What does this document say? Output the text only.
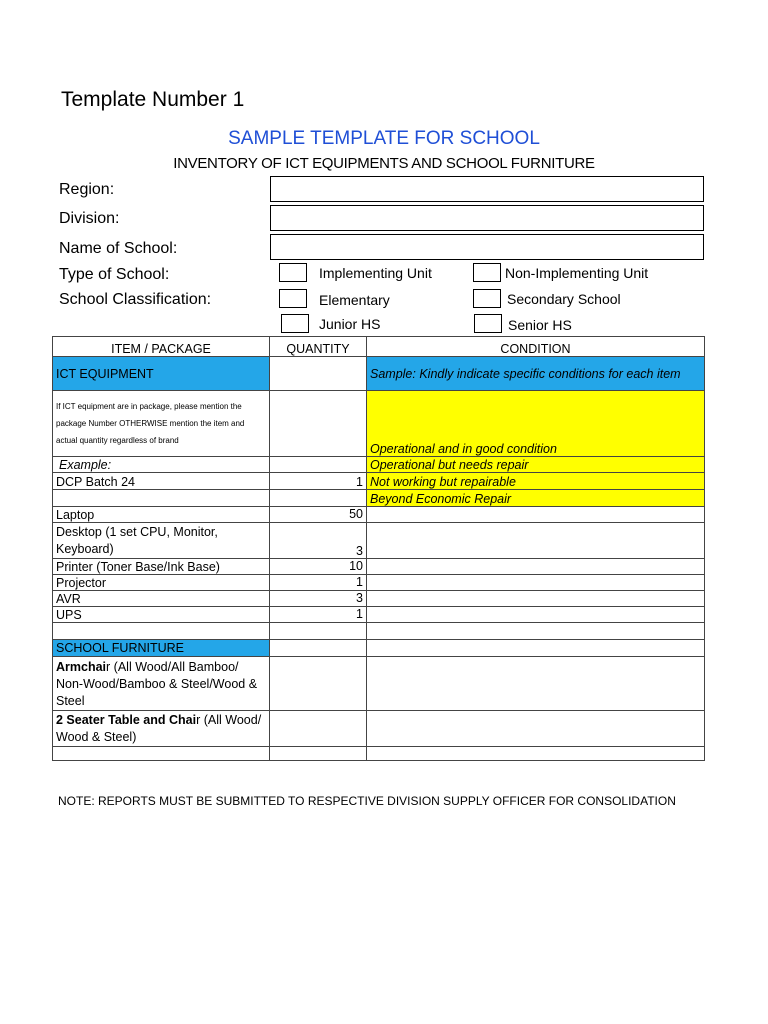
Template Number 1
SAMPLE TEMPLATE FOR SCHOOL
INVENTORY OF ICT EQUIPMENTS AND SCHOOL FURNITURE
Region:
Division:
Name of School:
Type of School:	Implementing Unit	Non-Implementing Unit
School Classification:	Elementary	Secondary School
Junior HS	Senior HS
ITEM / PACKAGE	QUANTITY	CONDITION
ICT EQUIPMENT		Sample: Kindly indicate specific conditions for each item
If ICT equipment are in package, please mention the package Number OTHERWISE mention the item and actual quantity regardless of brand		Operational and in good condition
Example:		Operational but needs repair
DCP Batch 24	1	Not working but repairable
		Beyond Economic Repair
Laptop	50	
Desktop (1 set CPU, Monitor, Keyboard)	3	
Printer (Toner Base/Ink Base)	10	
Projector	1	
AVR	3	
UPS	1	

SCHOOL FURNITURE		
Armchair (All Wood/All Bamboo/ Non-Wood/Bamboo & Steel/Wood & Steel		
2 Seater Table and Chair (All Wood/ Wood & Steel)		

NOTE: REPORTS MUST BE SUBMITTED TO RESPECTIVE DIVISION SUPPLY OFFICER FOR CONSOLIDATION
